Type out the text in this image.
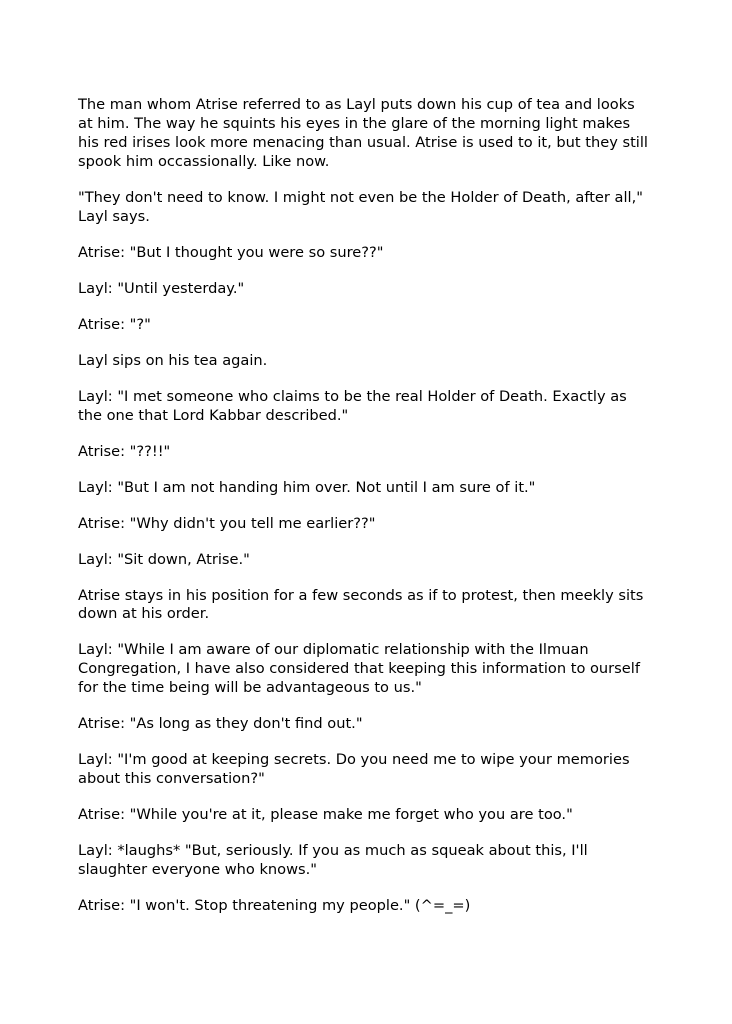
The man whom Atrise referred to as Layl puts down his cup of tea and looks at him. The way he squints his eyes in the glare of the morning light makes his red irises look more menacing than usual. Atrise is used to it, but they still spook him occassionally. Like now.

"They don't need to know. I might not even be the Holder of Death, after all," Layl says.

Atrise: "But I thought you were so sure??"

Layl: "Until yesterday."

Atrise: "?"

Layl sips on his tea again.

Layl: "I met someone who claims to be the real Holder of Death. Exactly as the one that Lord Kabbar described."

Atrise: "??!!"

Layl: "But I am not handing him over. Not until I am sure of it."

Atrise: "Why didn't you tell me earlier??"

Layl: "Sit down, Atrise."

Atrise stays in his position for a few seconds as if to protest, then meekly sits down at his order.

Layl: "While I am aware of our diplomatic relationship with the Ilmuan Congregation, I have also considered that keeping this information to ourself for the time being will be advantageous to us."

Atrise: "As long as they don't find out."

Layl: "I'm good at keeping secrets. Do you need me to wipe your memories about this conversation?"

Atrise: "While you're at it, please make me forget who you are too."

Layl: *laughs* "But, seriously. If you as much as squeak about this, I'll slaughter everyone who knows."

Atrise: "I won't. Stop threatening my people." (^=_=)
